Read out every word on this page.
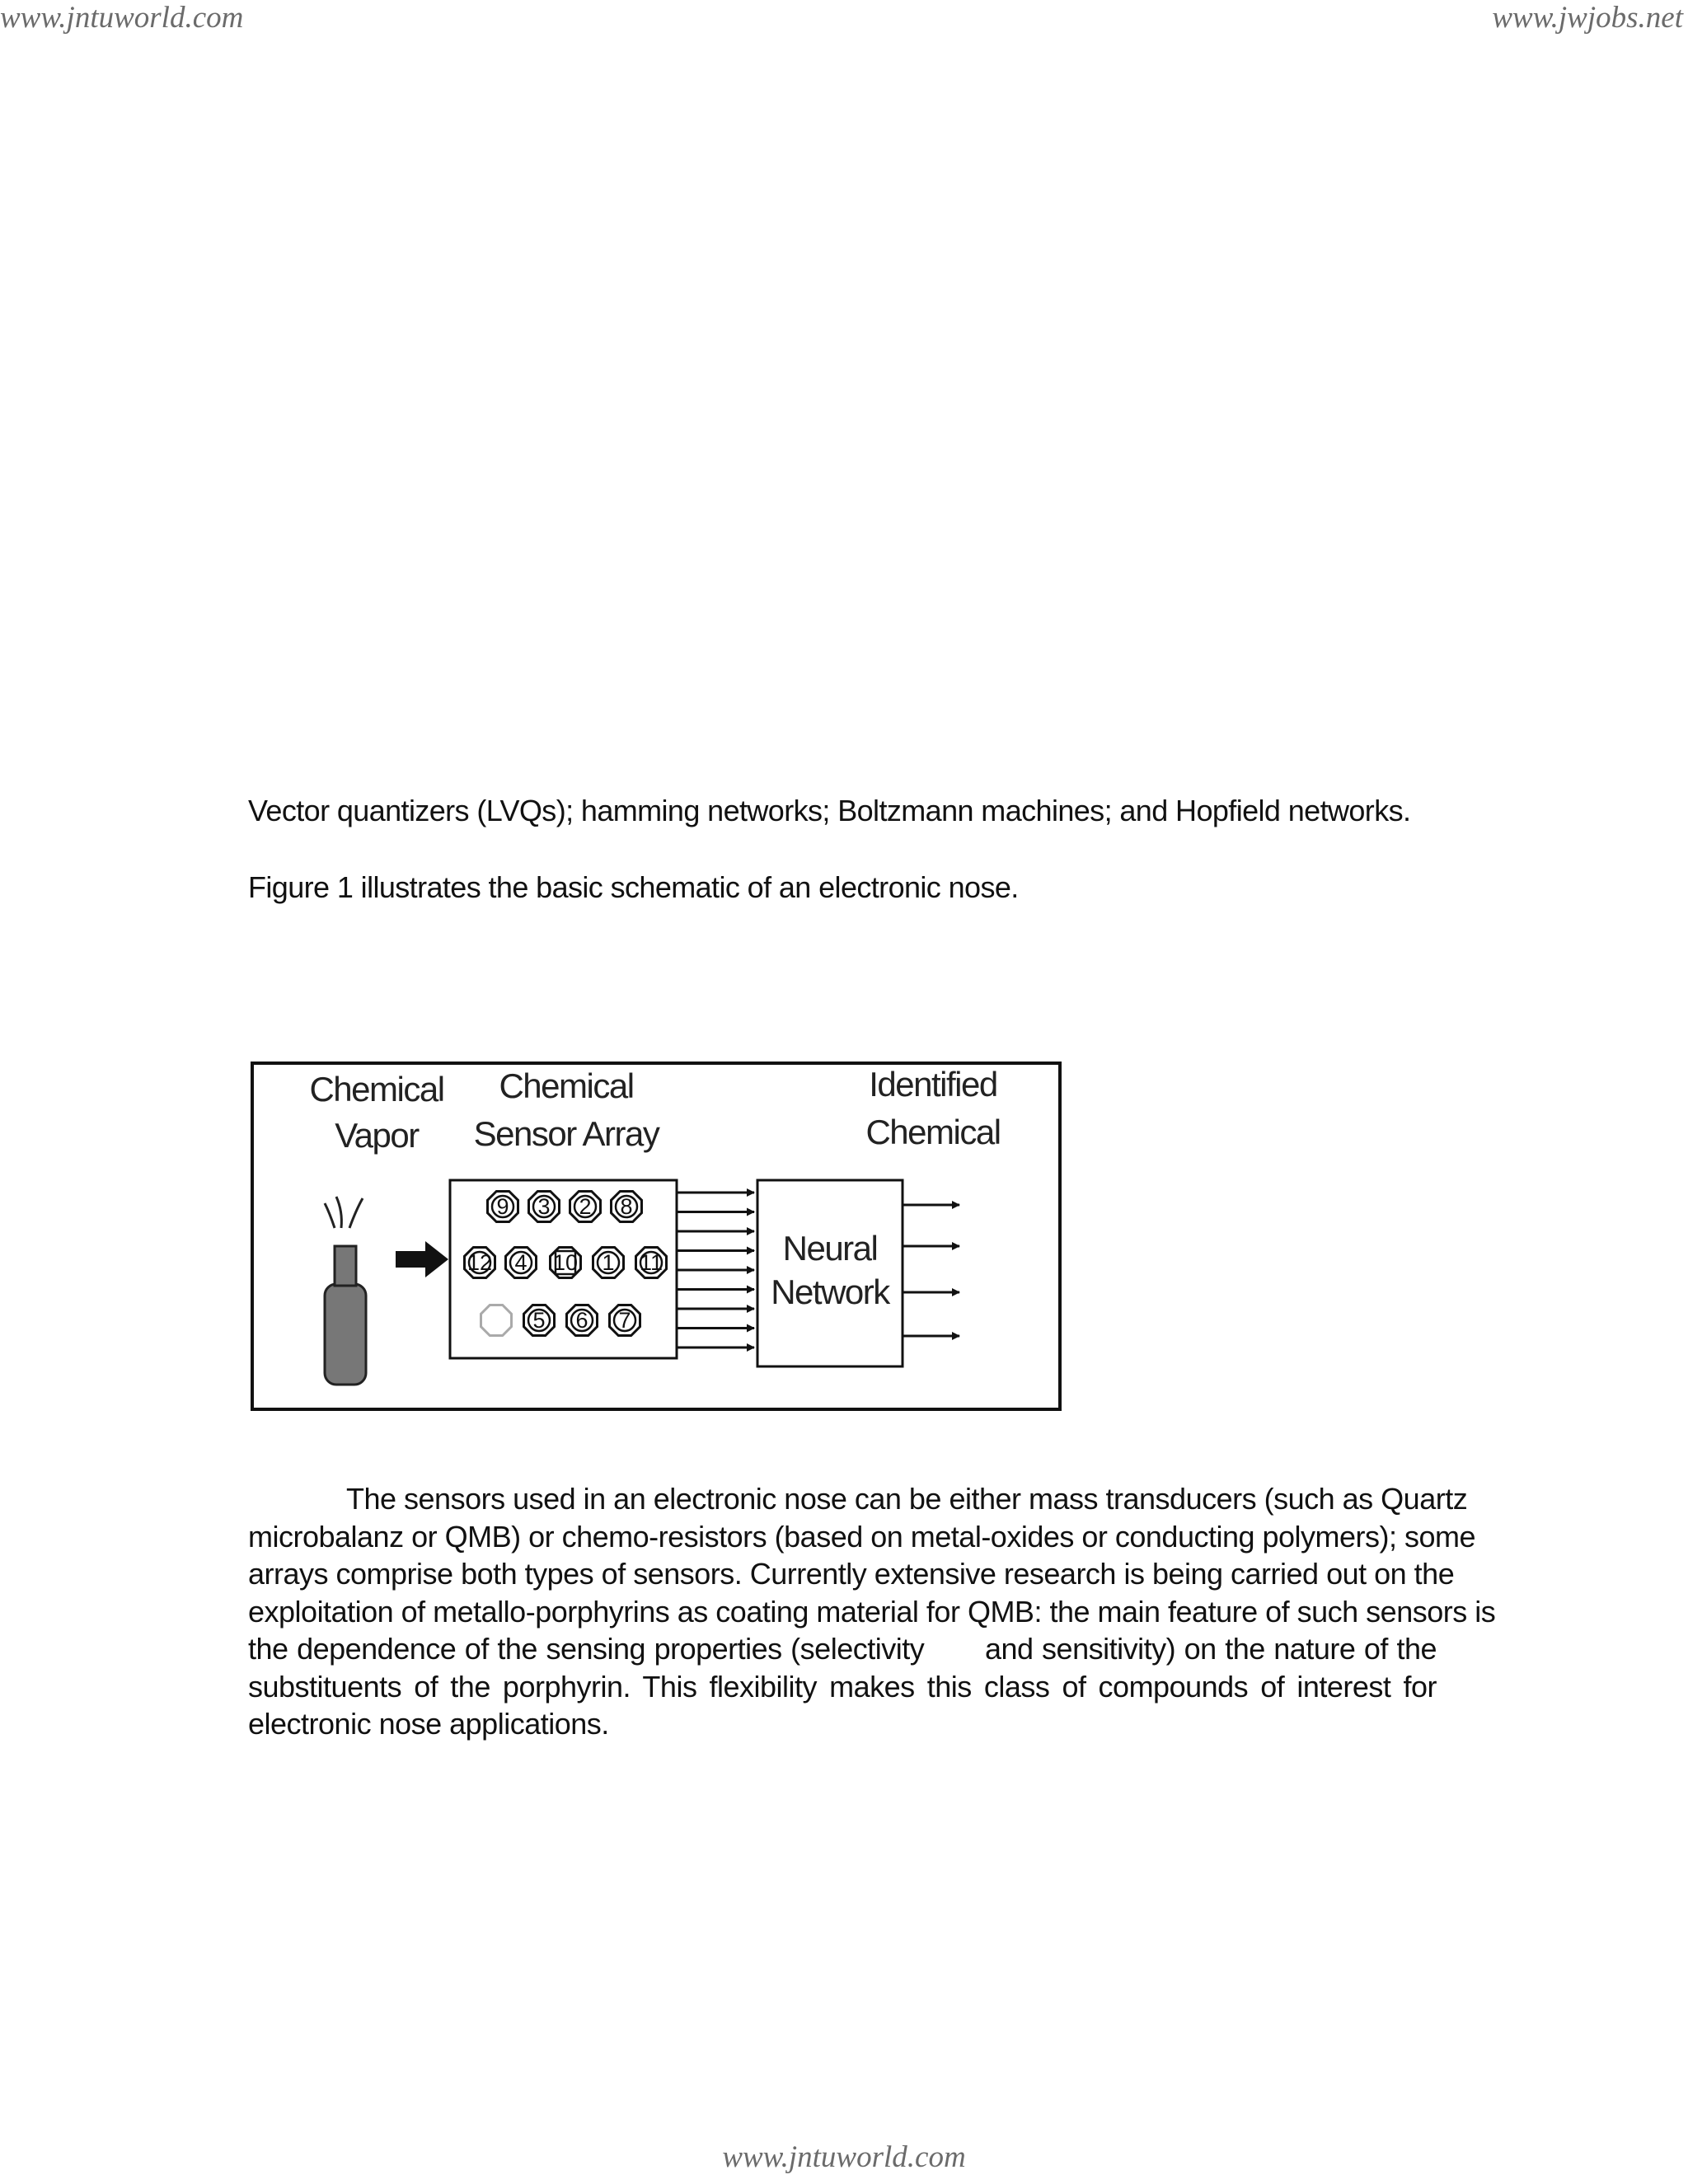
www.jntuworld.com	www.jwjobs.net
Vector quantizers (LVQs); hamming networks; Boltzmann machines; and Hopfield networks.
Figure 1 illustrates the basic schematic of an electronic nose.
Chemical
Vapor
Chemical
Sensor Array
Identified
Chemical
9 3 2 8
12 4 10 1 11
5 6 7
Neural
Network
The sensors used in an electronic nose can be either mass transducers (such as Quartz
microbalanz or QMB) or chemo-resistors (based on metal-oxides or conducting polymers); some
arrays comprise both types of sensors. Currently extensive research is being carried out on the
exploitation of metallo-porphyrins as coating material for QMB: the main feature of such sensors is
the dependence of the sensing properties (selectivity       and sensitivity) on the nature of the
substituents of the porphyrin. This flexibility makes this class of compounds of interest for
electronic nose applications.
www.jntuworld.com
